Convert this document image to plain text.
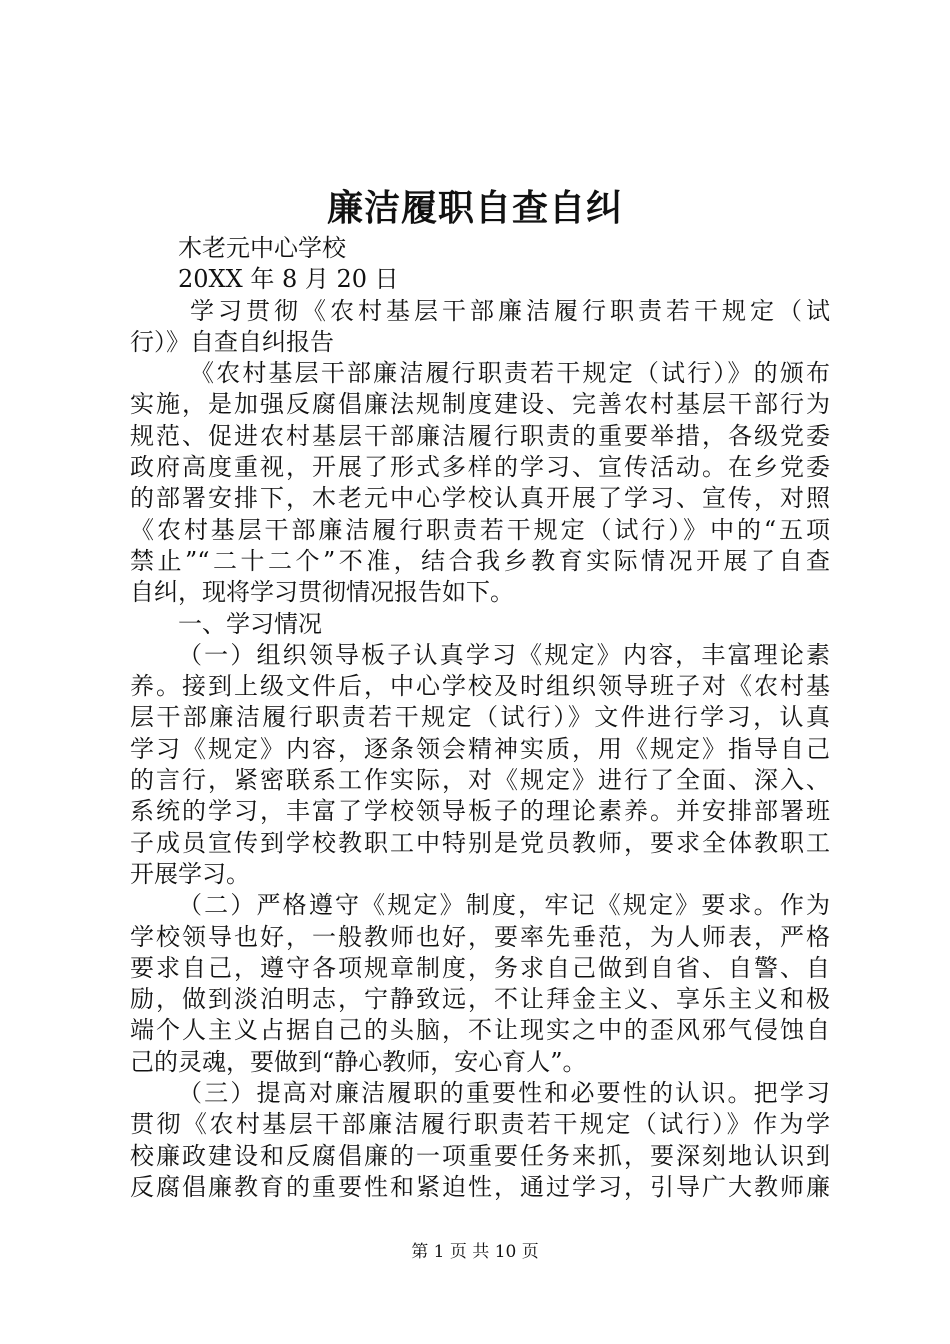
廉洁履职自查自纠
木老元中心学校
20XX 年 8 月 20 日
学习贯彻《农村基层干部廉洁履行职责若干规定（试
行）》自查自纠报告
《农村基层干部廉洁履行职责若干规定（试行）》的颁布
实施，是加强反腐倡廉法规制度建设、完善农村基层干部行为
规范、促进农村基层干部廉洁履行职责的重要举措，各级党委
政府高度重视，开展了形式多样的学习、宣传活动。在乡党委
的部署安排下，木老元中心学校认真开展了学习、宣传，对照
《农村基层干部廉洁履行职责若干规定（试行）》中的“五项
禁止”“二十二个”不准，结合我乡教育实际情况开展了自查
自纠，现将学习贯彻情况报告如下。
一、学习情况
（一）组织领导板子认真学习《规定》内容，丰富理论素
养。接到上级文件后，中心学校及时组织领导班子对《农村基
层干部廉洁履行职责若干规定（试行）》文件进行学习，认真
学习《规定》内容，逐条领会精神实质，用《规定》指导自己
的言行，紧密联系工作实际，对《规定》进行了全面、深入、
系统的学习，丰富了学校领导板子的理论素养。并安排部署班
子成员宣传到学校教职工中特别是党员教师，要求全体教职工
开展学习。
（二）严格遵守《规定》制度，牢记《规定》要求。作为
学校领导也好，一般教师也好，要率先垂范，为人师表，严格
要求自己，遵守各项规章制度，务求自己做到自省、自警、自
励，做到淡泊明志，宁静致远，不让拜金主义、享乐主义和极
端个人主义占据自己的头脑，不让现实之中的歪风邪气侵蚀自
己的灵魂，要做到“静心教师，安心育人”。
（三）提高对廉洁履职的重要性和必要性的认识。把学习
贯彻《农村基层干部廉洁履行职责若干规定（试行）》作为学
校廉政建设和反腐倡廉的一项重要任务来抓，要深刻地认识到
反腐倡廉教育的重要性和紧迫性，通过学习，引导广大教师廉
第 1 页 共 10 页
